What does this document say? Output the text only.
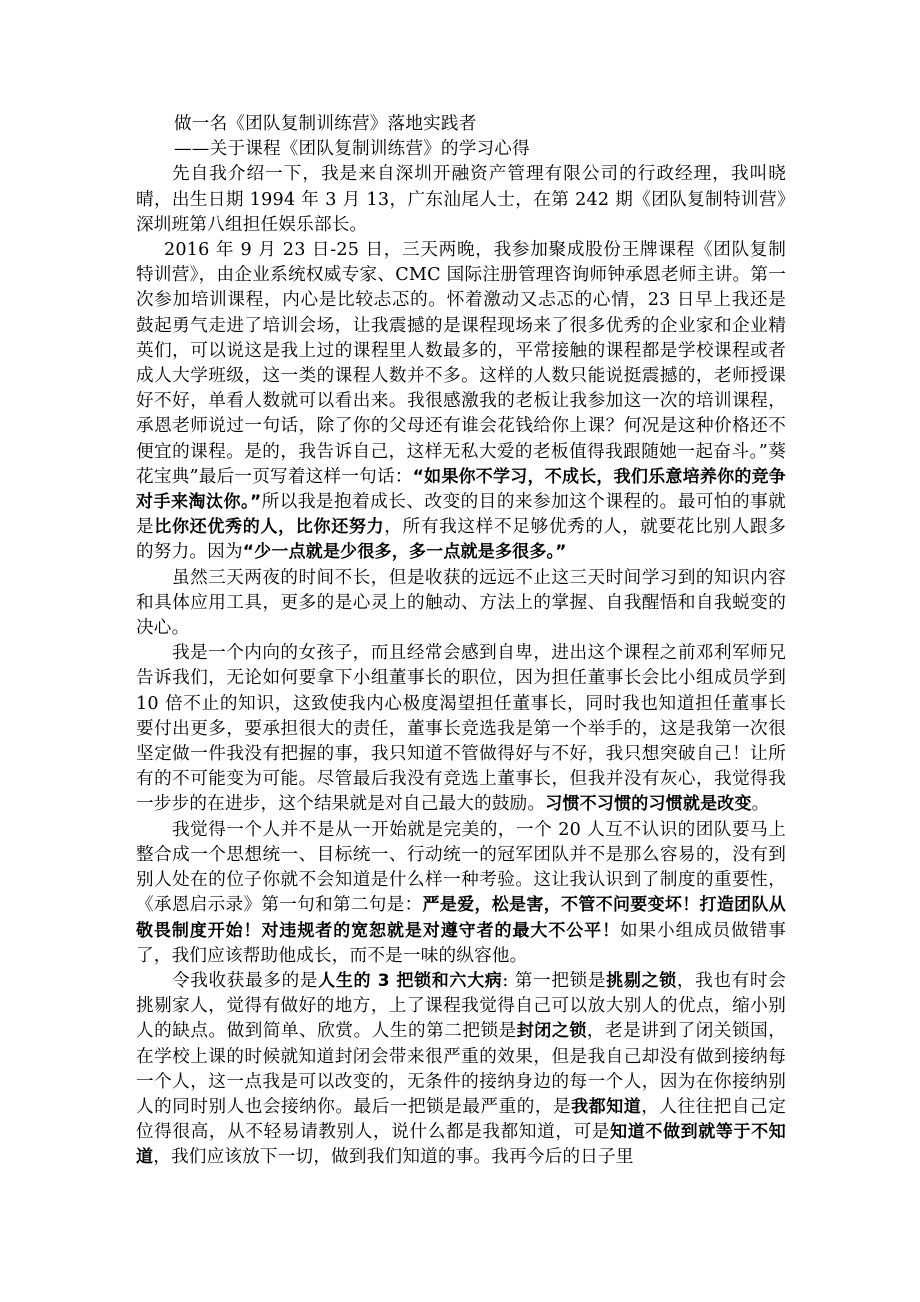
做一名《团队复制训练营》落地实践者

——关于课程《团队复制训练营》的学习心得

先自我介绍一下，我是来自深圳开融资产管理有限公司的行政经理，我叫晓晴，出生日期 1994 年 3 月 13，广东汕尾人士，在第 242 期《团队复制特训营》深圳班第八组担任娱乐部长。

2016 年 9 月 23 日-25 日，三天两晚，我参加聚成股份王牌课程《团队复制特训营》，由企业系统权威专家、CMC 国际注册管理咨询师钟承恩老师主讲。第一次参加培训课程，内心是比较忐忑的。怀着激动又忐忑的心情，23 日早上我还是鼓起勇气走进了培训会场，让我震撼的是课程现场来了很多优秀的企业家和企业精英们，可以说这是我上过的课程里人数最多的，平常接触的课程都是学校课程或者成人大学班级，这一类的课程人数并不多。这样的人数只能说挺震撼的，老师授课好不好，单看人数就可以看出来。我很感激我的老板让我参加这一次的培训课程，承恩老师说过一句话，除了你的父母还有谁会花钱给你上课？何况是这种价格还不便宜的课程。是的，我告诉自己，这样无私大爱的老板值得我跟随她一起奋斗。”葵花宝典”最后一页写着这样一句话：“如果你不学习，不成长，我们乐意培养你的竞争对手来淘汰你。”所以我是抱着成长、改变的目的来参加这个课程的。最可怕的事就是比你还优秀的人，比你还努力，所有我这样不足够优秀的人，就要花比别人跟多的努力。因为“少一点就是少很多，多一点就是多很多。”

虽然三天两夜的时间不长，但是收获的远远不止这三天时间学习到的知识内容和具体应用工具，更多的是心灵上的触动、方法上的掌握、自我醒悟和自我蜕变的决心。

我是一个内向的女孩子，而且经常会感到自卑，进出这个课程之前邓利军师兄告诉我们，无论如何要拿下小组董事长的职位，因为担任董事长会比小组成员学到 10 倍不止的知识，这致使我内心极度渴望担任董事长，同时我也知道担任董事长要付出更多，要承担很大的责任，董事长竞选我是第一个举手的，这是我第一次很坚定做一件我没有把握的事，我只知道不管做得好与不好，我只想突破自己！让所有的不可能变为可能。尽管最后我没有竞选上董事长，但我并没有灰心，我觉得我一步步的在进步，这个结果就是对自己最大的鼓励。习惯不习惯的习惯就是改变。

我觉得一个人并不是从一开始就是完美的，一个 20 人互不认识的团队要马上整合成一个思想统一、目标统一、行动统一的冠军团队并不是那么容易的，没有到别人处在的位子你就不会知道是什么样一种考验。这让我认识到了制度的重要性，《承恩启示录》第一句和第二句是：严是爱，松是害，不管不问要变坏！打造团队从敬畏制度开始！对违规者的宽恕就是对遵守者的最大不公平！如果小组成员做错事了，我们应该帮助他成长，而不是一味的纵容他。

令我收获最多的是人生的 3 把锁和六大病: 第一把锁是挑剔之锁，我也有时会挑剔家人，觉得有做好的地方，上了课程我觉得自己可以放大别人的优点，缩小别人的缺点。做到简单、欣赏。人生的第二把锁是封闭之锁，老是讲到了闭关锁国，在学校上课的时候就知道封闭会带来很严重的效果，但是我自己却没有做到接纳每一个人，这一点我是可以改变的，无条件的接纳身边的每一个人，因为在你接纳别人的同时别人也会接纳你。最后一把锁是最严重的，是我都知道，人往往把自己定位得很高，从不轻易请教别人，说什么都是我都知道，可是知道不做到就等于不知道，我们应该放下一切，做到我们知道的事。我再今后的日子里
